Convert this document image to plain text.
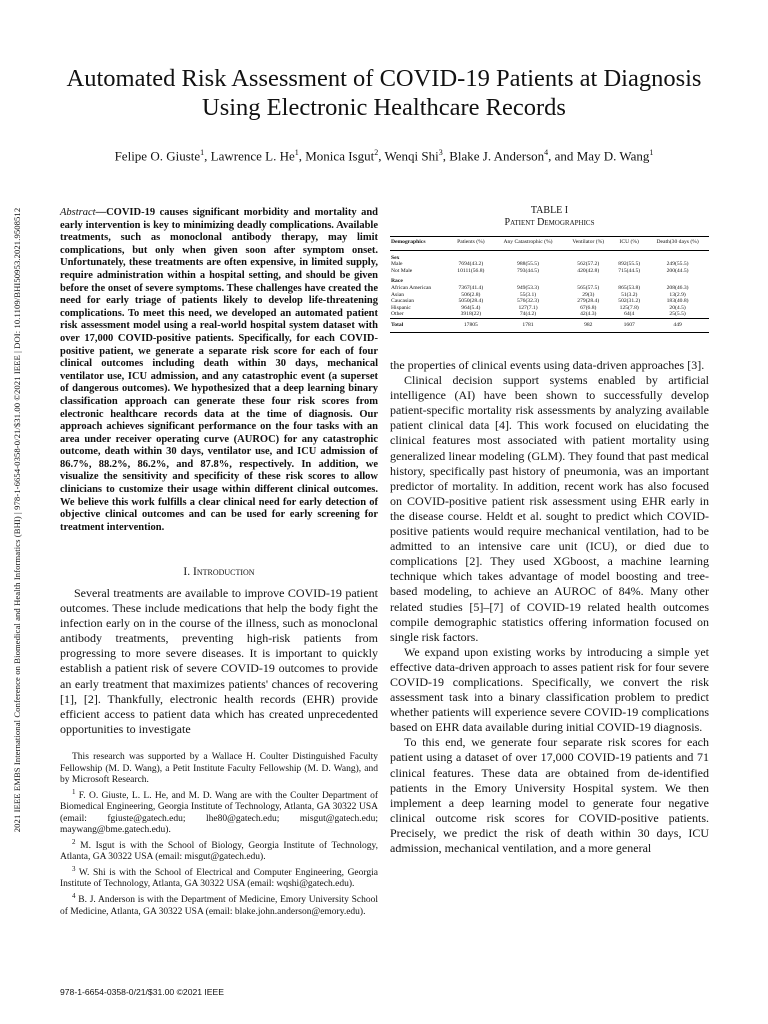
2021 IEEE EMBS International Conference on Biomedical and Health Informatics (BHI) | 978-1-6654-0358-0/21/$31.00 ©2021 IEEE | DOI: 10.1109/BHI50953.2021.9508512
Automated Risk Assessment of COVID-19 Patients at Diagnosis Using Electronic Healthcare Records
Felipe O. Giuste$^1$, Lawrence L. He$^1$, Monica Isgut$^2$, Wenqi Shi$^3$, Blake J. Anderson$^4$, and May D. Wang$^1$
Abstract—COVID-19 causes significant morbidity and mortality and early intervention is key to minimizing deadly complications. Available treatments, such as monoclonal antibody therapy, may limit complications, but only when given soon after symptom onset. Unfortunately, these treatments are often expensive, in limited supply, require administration within a hospital setting, and should be given before the onset of severe symptoms. These challenges have created the need for early triage of patients likely to develop life-threatening complications. To meet this need, we developed an automated patient risk assessment model using a real-world hospital system dataset with over 17,000 COVID-positive patients. Specifically, for each COVID-positive patient, we generate a separate risk score for each of four clinical outcomes including death within 30 days, mechanical ventilator use, ICU admission, and any catastrophic event (a superset of dangerous outcomes). We hypothesized that a deep learning binary classification approach can generate these four risk scores from electronic healthcare records data at the time of diagnosis. Our approach achieves significant performance on the four tasks with an area under receiver operating curve (AUROC) for any catastrophic outcome, death within 30 days, ventilator use, and ICU admission of 86.7%, 88.2%, 86.2%, and 87.8%, respectively. In addition, we visualize the sensitivity and specificity of these risk scores to allow clinicians to customize their usage within different clinical outcomes. We believe this work fulfills a clear clinical need for early detection of objective clinical outcomes and can be used for early screening for treatment intervention.
I. Introduction

Several treatments are available to improve COVID-19 patient outcomes. These include medications that help the body fight the infection early on in the course of the illness, such as monoclonal antibody treatments, preventing high-risk patients from progressing to more severe diseases. It is important to quickly establish a patient risk of severe COVID-19 outcomes to provide an early treatment that maximizes patients' chances of recovering [1], [2]. Thankfully, electronic health records (EHR) provide efficient access to patient data which has created unprecedented opportunities to investigate

This research was supported by a Wallace H. Coulter Distinguished Faculty Fellowship (M. D. Wang), a Petit Institute Faculty Fellowship (M. D. Wang), and by Microsoft Research.

$^1$ F. O. Giuste, L. L. He, and M. D. Wang are with the Coulter Department of Biomedical Engineering, Georgia Institute of Technology, Atlanta, GA 30322 USA (email: fgiuste@gatech.edu; lhe80@gatech.edu; misgut@gatech.edu; maywang@bme.gatech.edu).

$^2$ M. Isgut is with the School of Biology, Georgia Institute of Technology, Atlanta, GA 30322 USA (email: misgut@gatech.edu).

$^3$ W. Shi is with the School of Electrical and Computer Engineering, Georgia Institute of Technology, Atlanta, GA 30322 USA (email: wqshi@gatech.edu).

$^4$ B. J. Anderson is with the Department of Medicine, Emory University School of Medicine, Atlanta, GA 30322 USA (email: blake.john.anderson@emory.edu).

978-1-6654-0358-0/21/$31.00 ©2021 IEEE
TABLE I
Patient Demographics
Demographics	Patients (%)	Any Catastrophic (%)	Ventilator (%)	ICU (%)	Death(30 days (%)
Sex					
Male	7694(43.2)	988(55.5)	562(57.2)	892(55.5)	249(55.5)
Not Male	10111(56.8)	793(44.5)	420(42.8)	715(44.5)	200(44.5)
Race					
African American	7367(41.4)	949(53.3)	565(57.5)	865(53.8)	208(46.3)
Asian	506(2.8)	55(3.1)	29(3)	51(3.2)	13(2.9)
Caucasian	5050(28.4)	576(32.3)	279(28.4)	502(31.2)	183(40.8)
Hispanic	964(5.4)	127(7.1)	67(6.8)	125(7.8)	20(4.5)
Other	3918(22)	74(4.2)	42(4.3)	64(4	25(5.5)
Total	17805	1781	982	1607	449

the properties of clinical events using data-driven approaches [3].

Clinical decision support systems enabled by artificial intelligence (AI) have been shown to successfully develop patient-specific mortality risk assessments by analyzing available patient clinical data [4]. This work focused on elucidating the clinical features most associated with patient mortality using generalized linear modeling (GLM). They found that past medical history, specifically past history of pneumonia, was an important predictor of mortality. In addition, recent work has also focused on COVID-positive patient risk assessment using EHR early in the disease course. Heldt et al. sought to predict which COVID-positive patients would require mechanical ventilation, had to be admitted to an intensive care unit (ICU), or died due to complications [2]. They used XGboost, a machine learning technique which takes advantage of model boosting and tree-based modeling, to achieve an AUROC of 84%. Many other related studies [5]–[7] of COVID-19 related health outcomes compile demographic statistics offering information focused on single risk factors.

We expand upon existing works by introducing a simple yet effective data-driven approach to asses patient risk for four severe COVID-19 complications. Specifically, we convert the risk assessment task into a binary classification problem to predict whether patients will experience severe COVID-19 complications based on EHR data available during initial COVID-19 diagnosis.

To this end, we generate four separate risk scores for each patient using a dataset of over 17,000 COVID-19 patients and 71 clinical features. These data are obtained from de-identified patients in the Emory University Hospital system. We then implement a deep learning model to generate four negative clinical outcome risk scores for COVID-positive patients. Precisely, we predict the risk of death within 30 days, ICU admission, mechanical ventilation, and a more general
